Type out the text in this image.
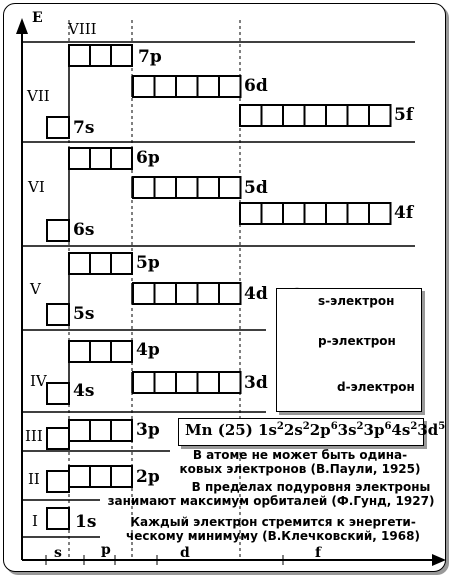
E
I
II
III
IV
V
VI
VII
VIII
1s
2p
3p
4s
4p
3d
5s
5p
4d
6s
6p
5d
4f
7s
7p
6d
5f
s	p	d	f
s-электрон
p-электрон
d-электрон
Mn (25) $1s^22s^22p^63s^23p^64s^23d^5$
В атоме не может быть одина-
ковых электронов (В.Паули, 1925)
В пределах подуровня электроны
занимают максимум орбиталей (Ф.Гунд, 1927)
Каждый электрон стремится к энергети-
ческому минимуму (В.Клечковский, 1968)
